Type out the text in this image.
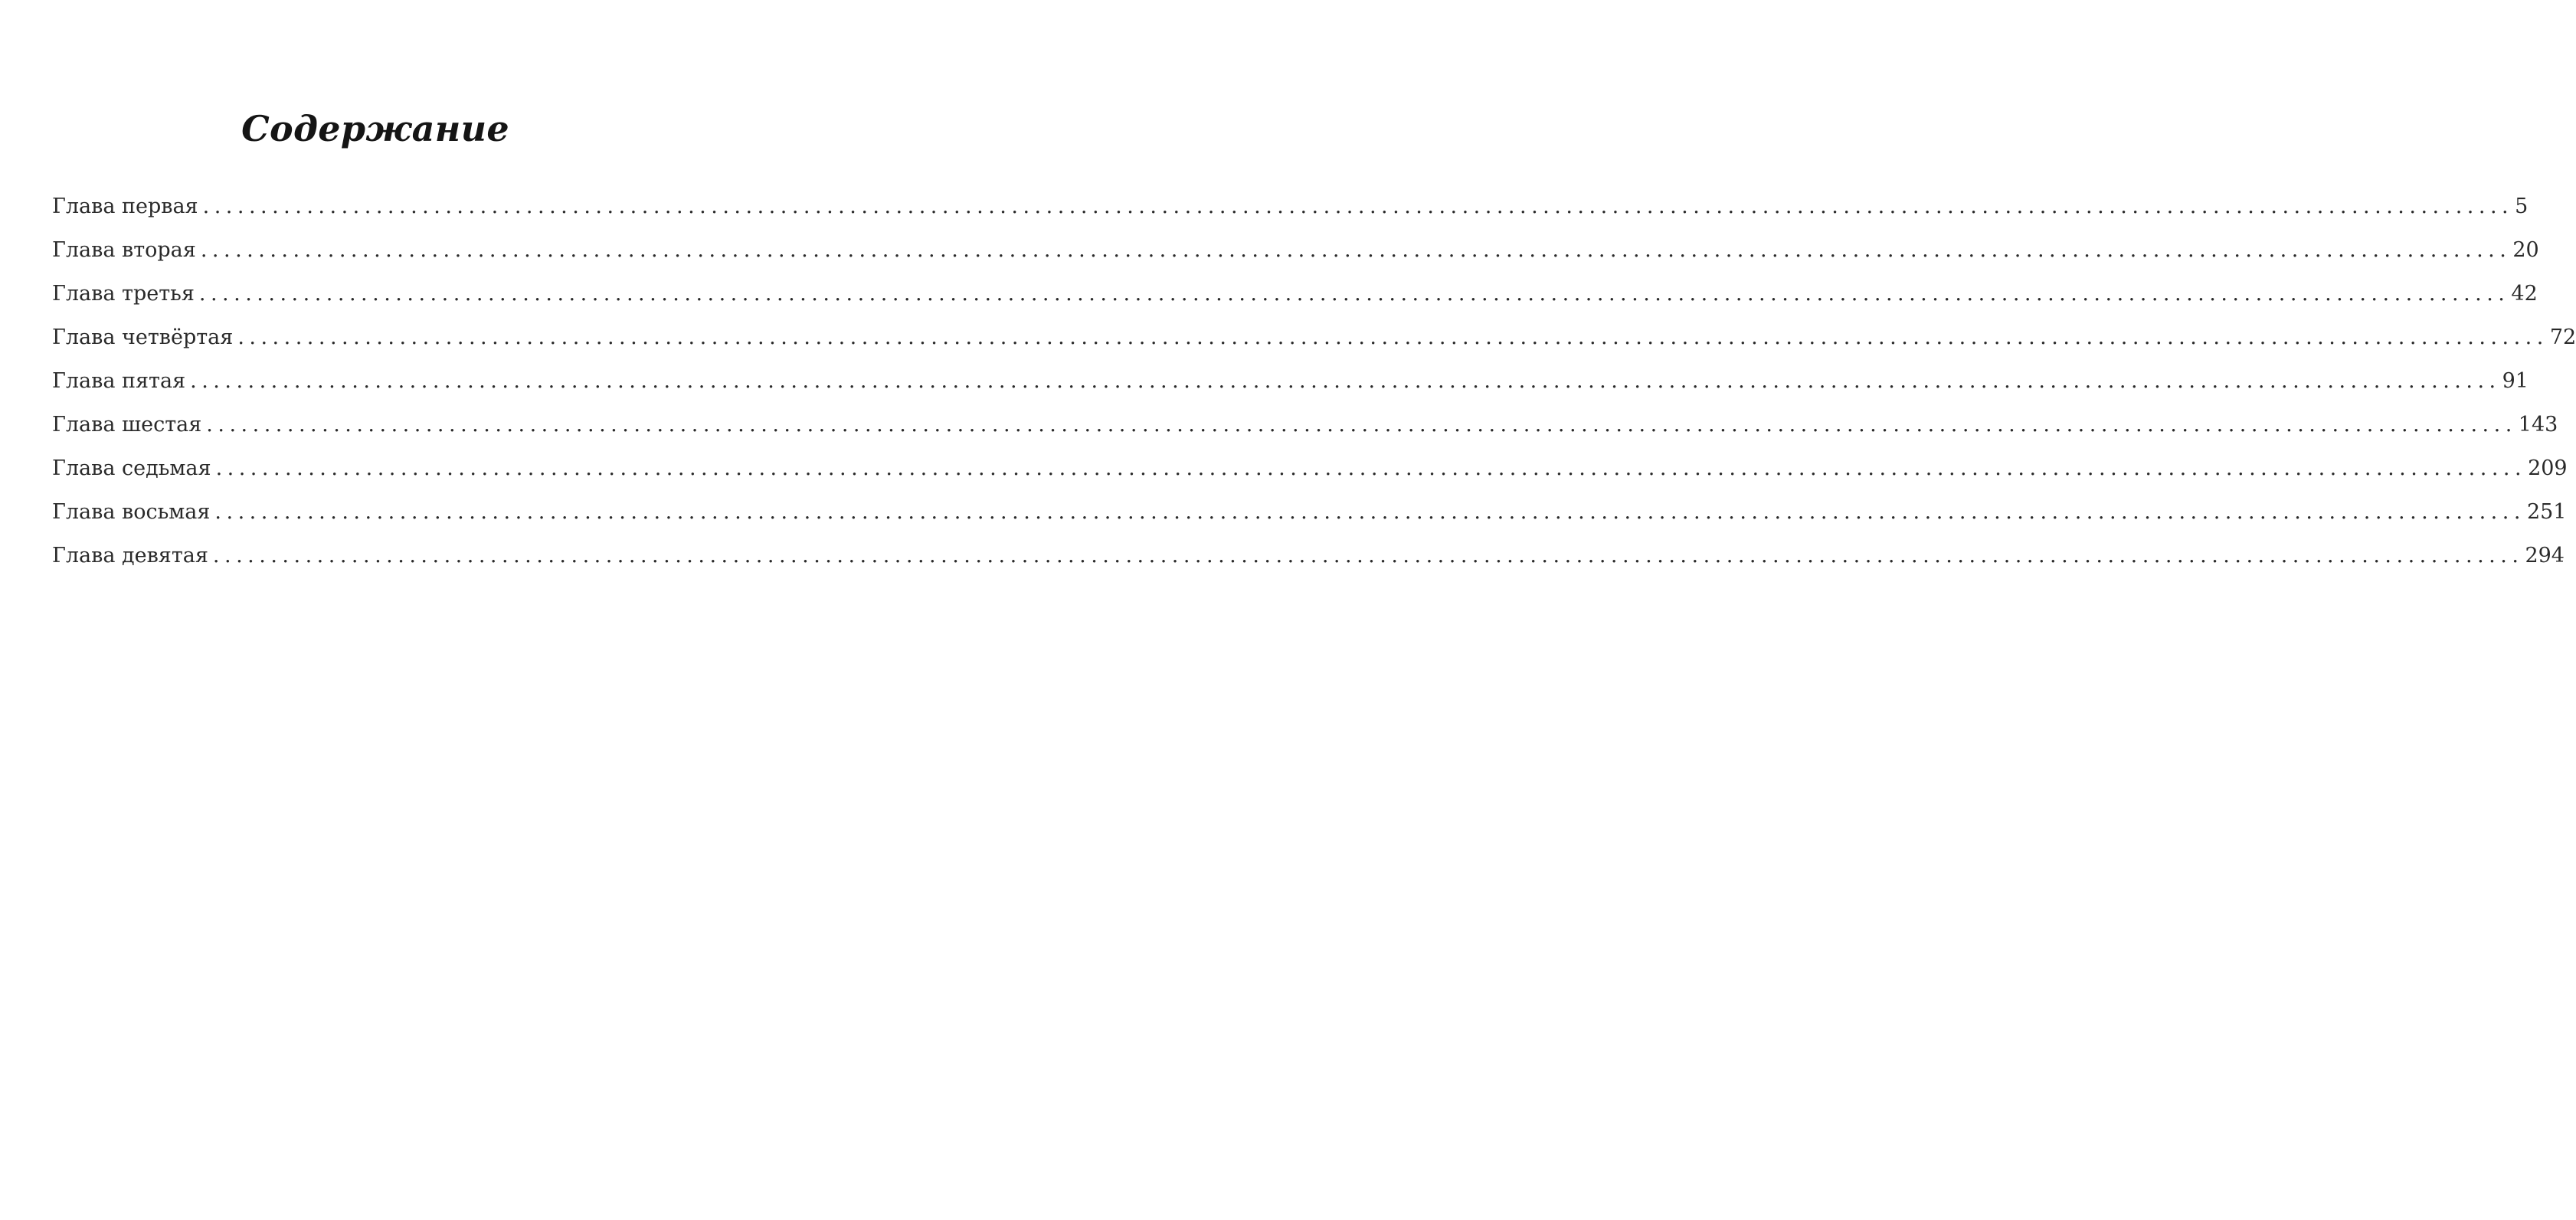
Содержание
Глава первая ........................................................................................................................................................................................................ 5
Глава вторая ........................................................................................................................................................................................................ 20
Глава третья ........................................................................................................................................................................................................ 42
Глава четвёртая ........................................................................................................................................................................................................ 72
Глава пятая ........................................................................................................................................................................................................ 91
Глава шестая ........................................................................................................................................................................................................ 143
Глава седьмая ........................................................................................................................................................................................................ 209
Глава восьмая ........................................................................................................................................................................................................ 251
Глава девятая ........................................................................................................................................................................................................ 294
